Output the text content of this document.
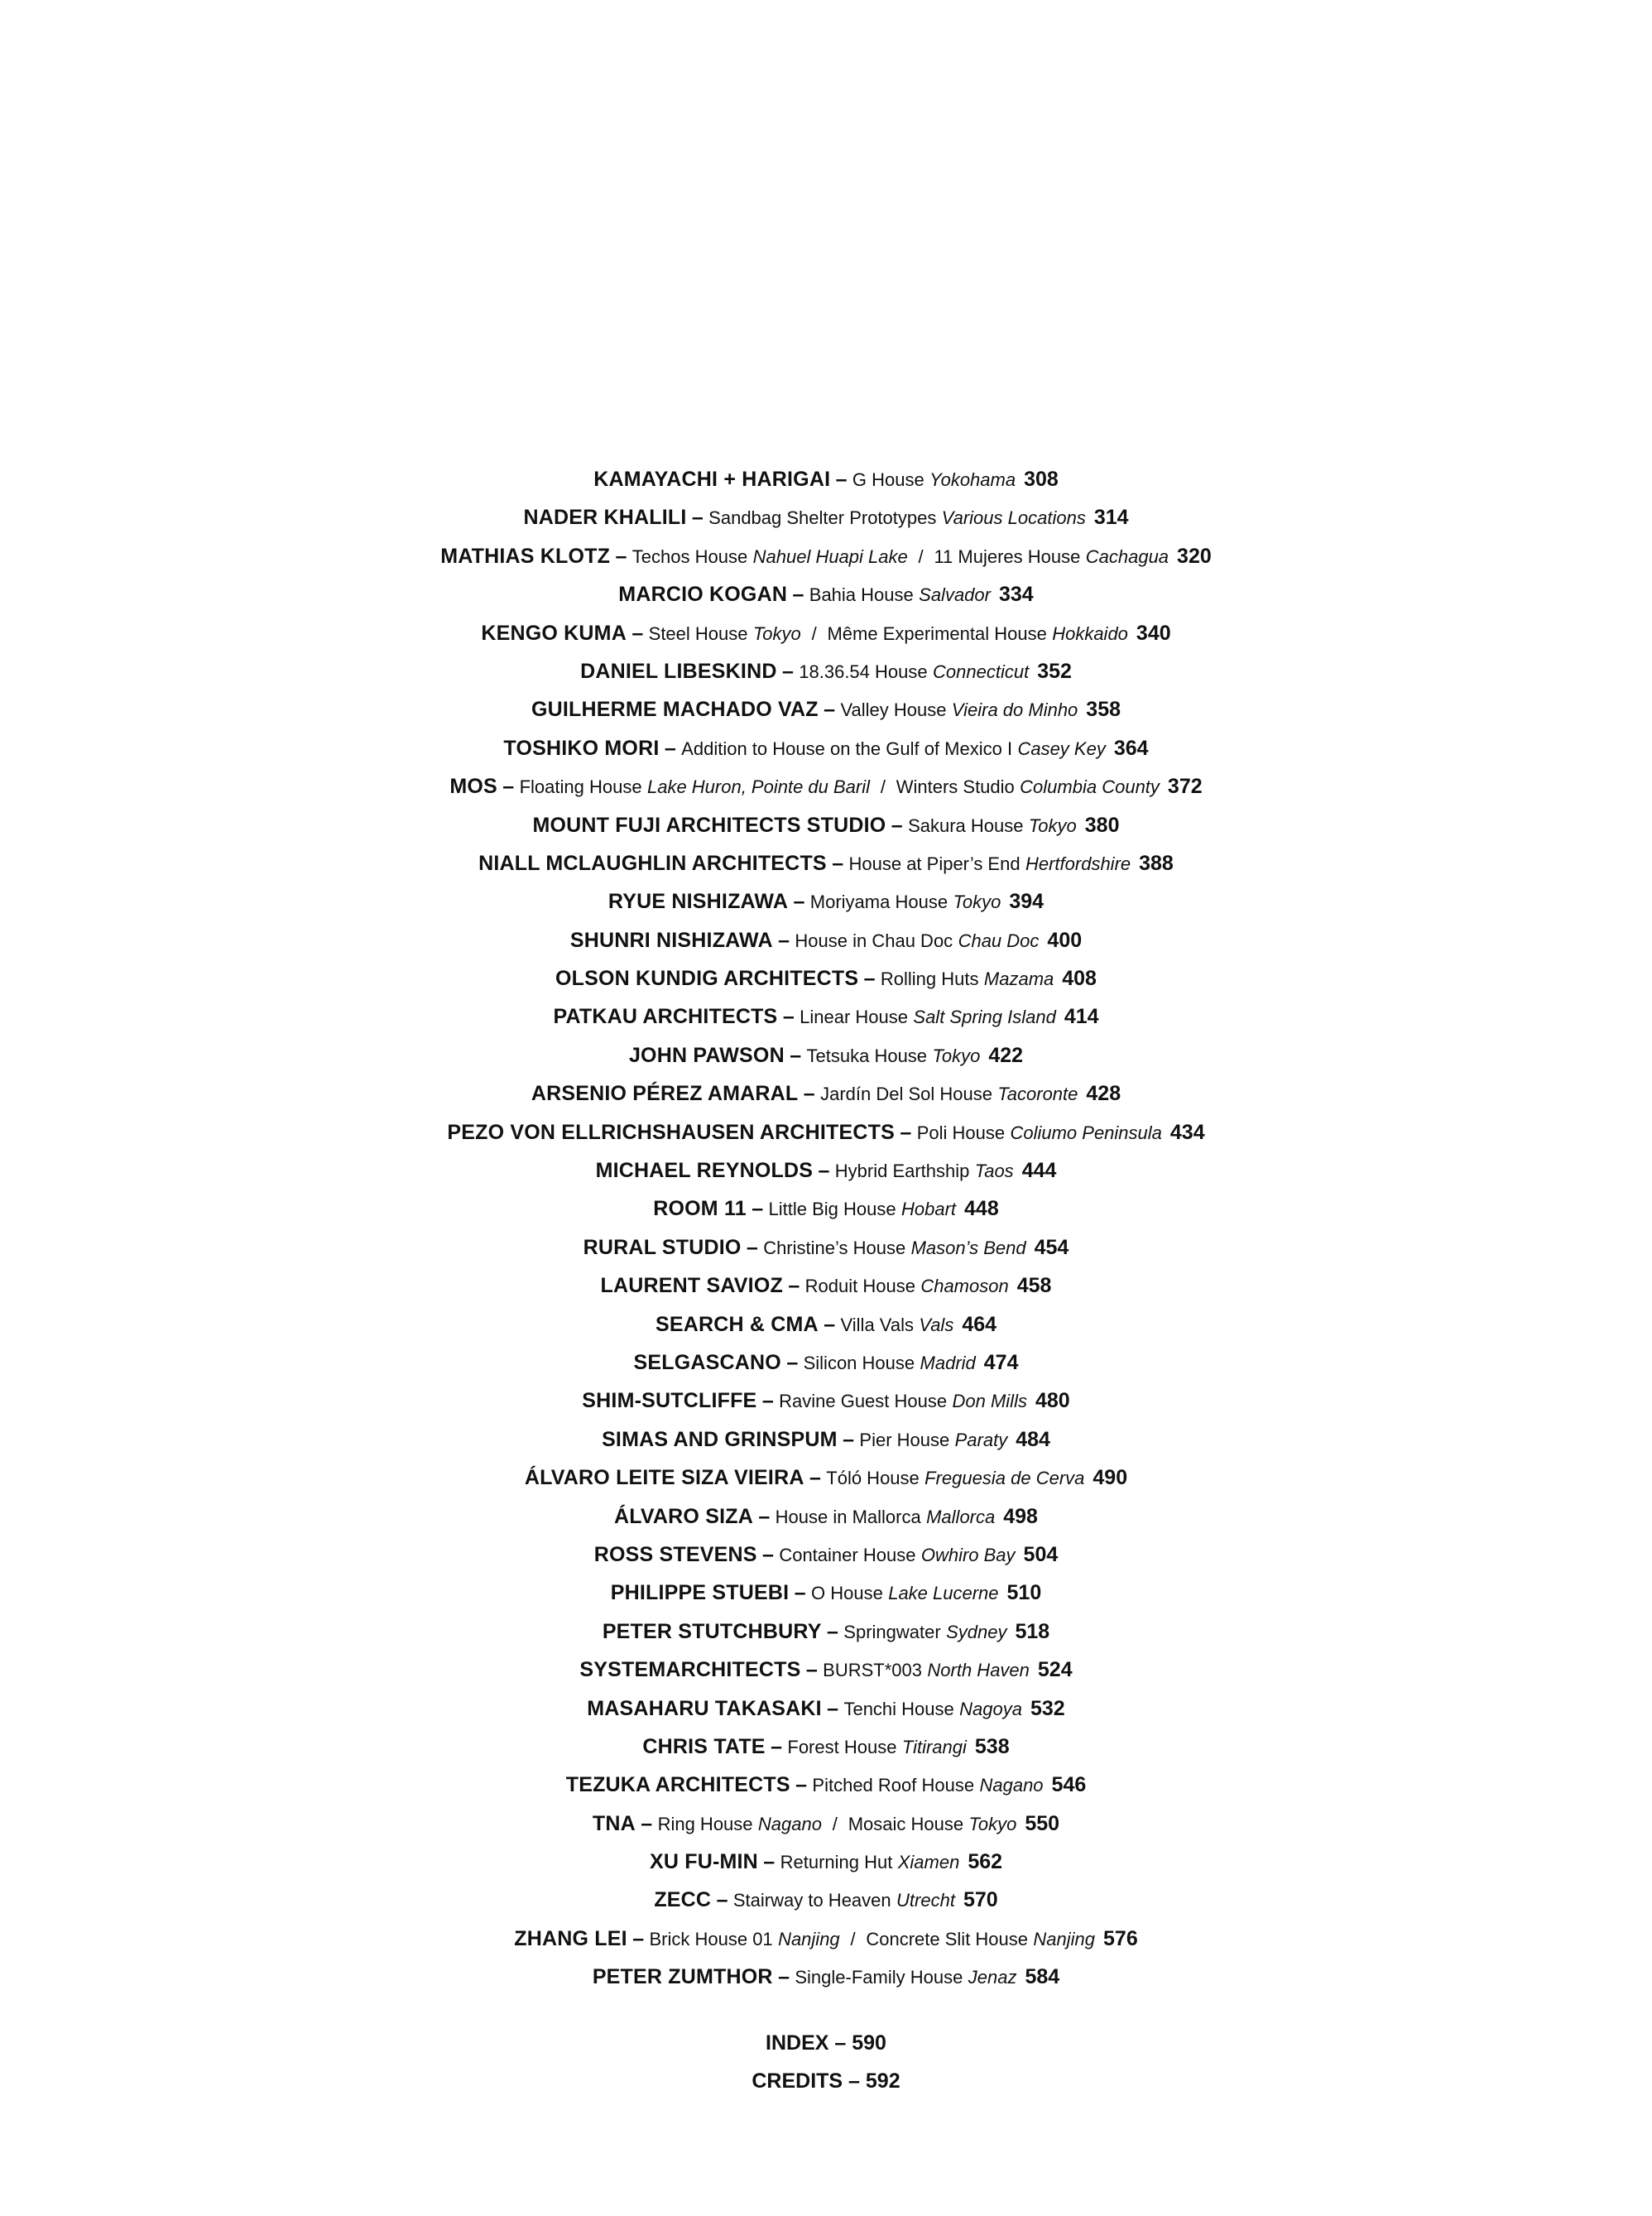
KAMAYACHI + HARIGAI – G House Yokohama 308
NADER KHALILI – Sandbag Shelter Prototypes Various Locations 314
MATHIAS KLOTZ – Techos House Nahuel Huapi Lake / 11 Mujeres House Cachagua 320
MARCIO KOGAN – Bahia House Salvador 334
KENGO KUMA – Steel House Tokyo / Même Experimental House Hokkaido 340
DANIEL LIBESKIND – 18.36.54 House Connecticut 352
GUILHERME MACHADO VAZ – Valley House Vieira do Minho 358
TOSHIKO MORI – Addition to House on the Gulf of Mexico I Casey Key 364
MOS – Floating House Lake Huron, Pointe du Baril / Winters Studio Columbia County 372
MOUNT FUJI ARCHITECTS STUDIO – Sakura House Tokyo 380
NIALL MCLAUGHLIN ARCHITECTS – House at Piper’s End Hertfordshire 388
RYUE NISHIZAWA – Moriyama House Tokyo 394
SHUNRI NISHIZAWA – House in Chau Doc Chau Doc 400
OLSON KUNDIG ARCHITECTS – Rolling Huts Mazama 408
PATKAU ARCHITECTS – Linear House Salt Spring Island 414
JOHN PAWSON – Tetsuka House Tokyo 422
ARSENIO PÉREZ AMARAL – Jardín Del Sol House Tacoronte 428
PEZO VON ELLRICHSHAUSEN ARCHITECTS – Poli House Coliumo Peninsula 434
MICHAEL REYNOLDS – Hybrid Earthship Taos 444
ROOM 11 – Little Big House Hobart 448
RURAL STUDIO – Christine’s House Mason’s Bend 454
LAURENT SAVIOZ – Roduit House Chamoson 458
SEARCH & CMA – Villa Vals Vals 464
SELGASCANO – Silicon House Madrid 474
SHIM-SUTCLIFFE – Ravine Guest House Don Mills 480
SIMAS AND GRINSPUM – Pier House Paraty 484
ÁLVARO LEITE SIZA VIEIRA – Tóló House Freguesia de Cerva 490
ÁLVARO SIZA – House in Mallorca Mallorca 498
ROSS STEVENS – Container House Owhiro Bay 504
PHILIPPE STUEBI – O House Lake Lucerne 510
PETER STUTCHBURY – Springwater Sydney 518
SYSTEMARCHITECTS – BURST*003 North Haven 524
MASAHARU TAKASAKI – Tenchi House Nagoya 532
CHRIS TATE – Forest House Titirangi 538
TEZUKA ARCHITECTS – Pitched Roof House Nagano 546
TNA – Ring House Nagano / Mosaic House Tokyo 550
XU FU-MIN – Returning Hut Xiamen 562
ZECC – Stairway to Heaven Utrecht 570
ZHANG LEI – Brick House 01 Nanjing / Concrete Slit House Nanjing 576
PETER ZUMTHOR – Single-Family House Jenaz 584
INDEX – 590
CREDITS – 592
